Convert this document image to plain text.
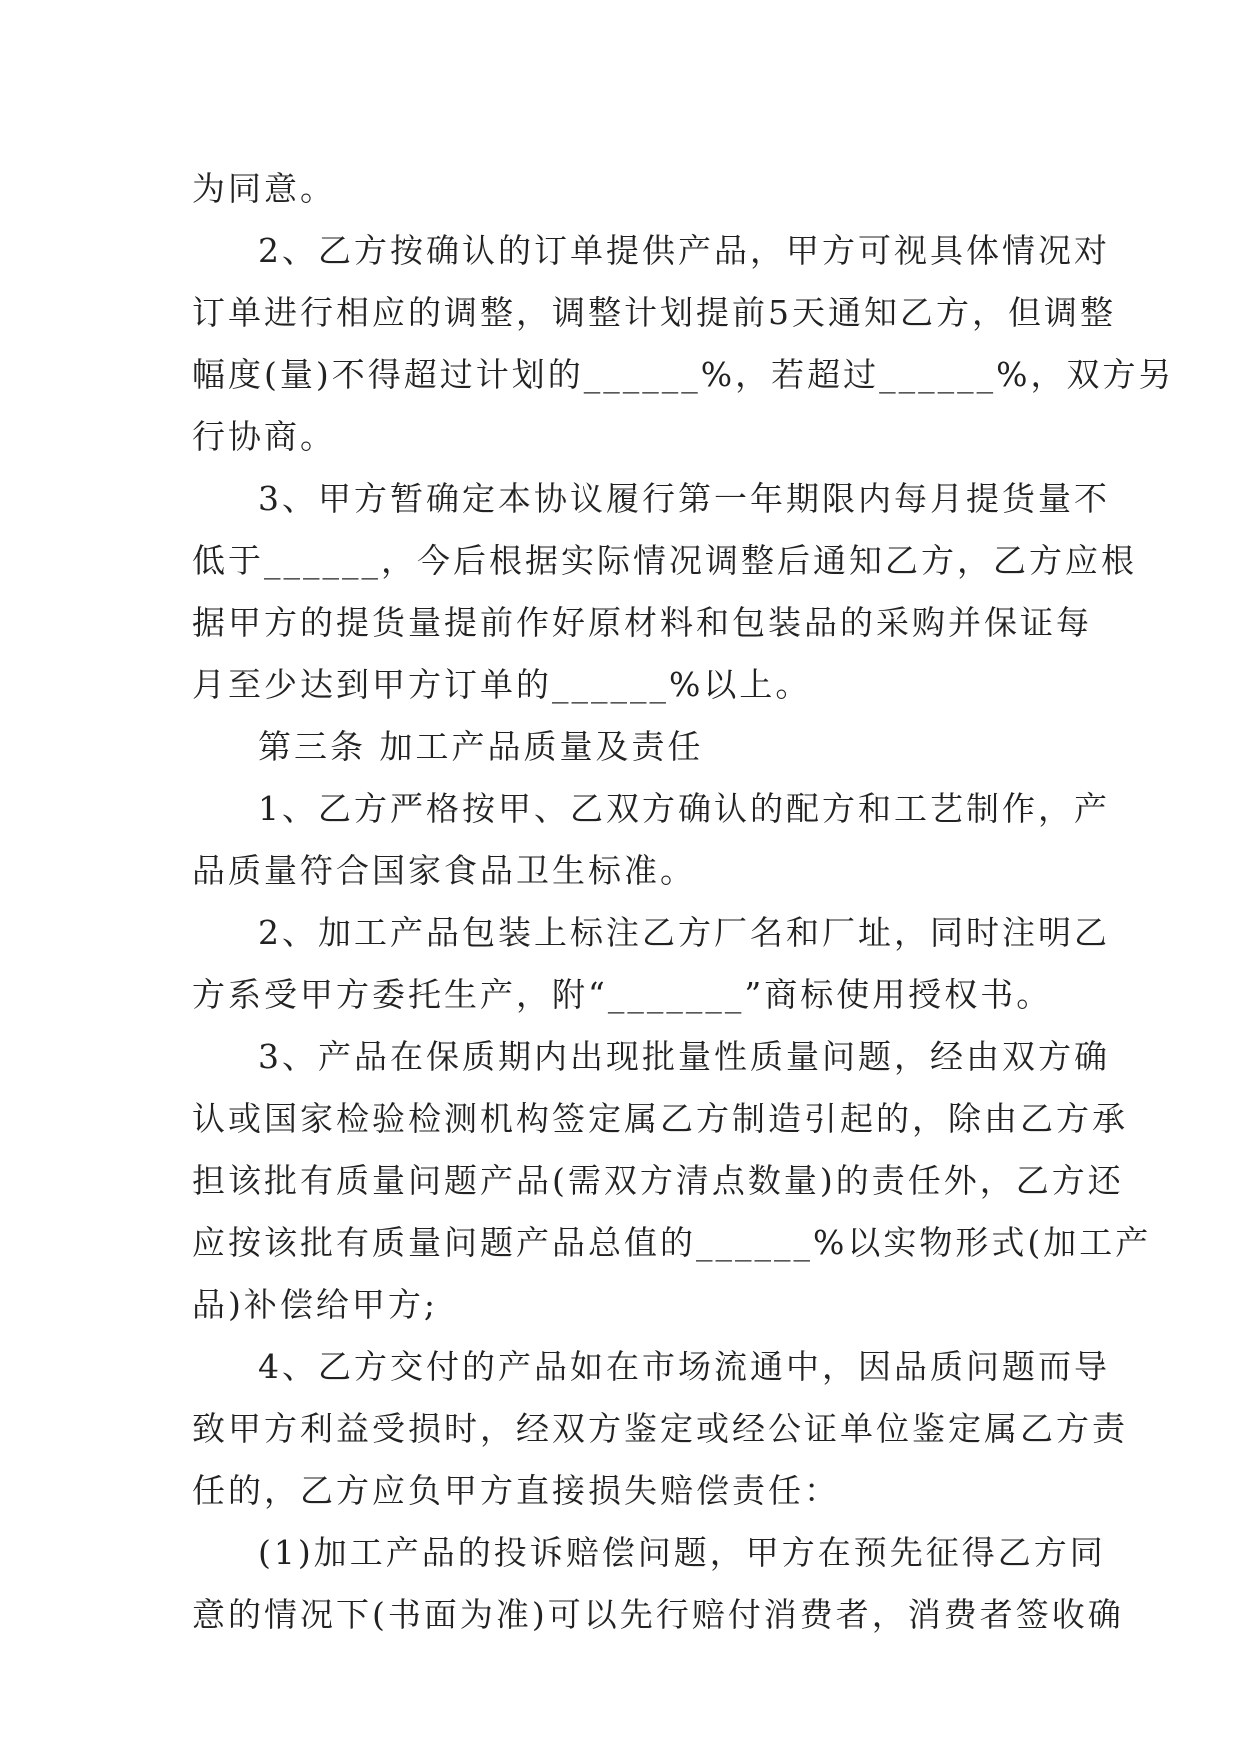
为同意。
2、乙方按确认的订单提供产品，甲方可视具体情况对
订单进行相应的调整，调整计划提前5天通知乙方，但调整
幅度(量)不得超过计划的______%，若超过______%，双方另
行协商。
3、甲方暂确定本协议履行第一年期限内每月提货量不
低于______，今后根据实际情况调整后通知乙方，乙方应根
据甲方的提货量提前作好原材料和包装品的采购并保证每
月至少达到甲方订单的______%以上。
第三条 加工产品质量及责任
1、乙方严格按甲、乙双方确认的配方和工艺制作，产
品质量符合国家食品卫生标准。
2、加工产品包装上标注乙方厂名和厂址，同时注明乙
方系受甲方委托生产，附“_______”商标使用授权书。
3、产品在保质期内出现批量性质量问题，经由双方确
认或国家检验检测机构签定属乙方制造引起的，除由乙方承
担该批有质量问题产品(需双方清点数量)的责任外，乙方还
应按该批有质量问题产品总值的______%以实物形式(加工产
品)补偿给甲方;
4、乙方交付的产品如在市场流通中，因品质问题而导
致甲方利益受损时，经双方鉴定或经公证单位鉴定属乙方责
任的，乙方应负甲方直接损失赔偿责任：
(1)加工产品的投诉赔偿问题，甲方在预先征得乙方同
意的情况下(书面为准)可以先行赔付消费者，消费者签收确
